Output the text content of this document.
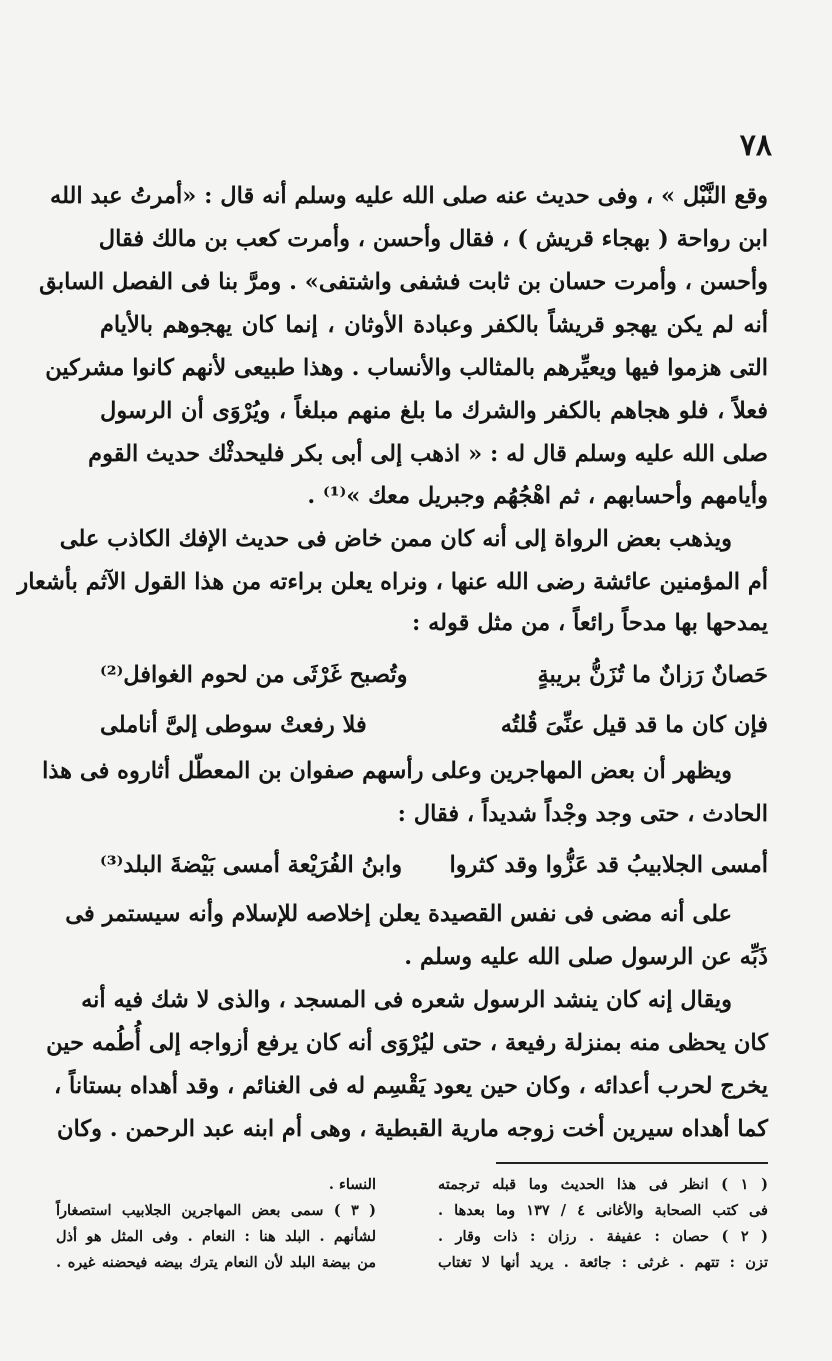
٧٨
وقع النَّبْل » ، وفى حديث عنه صلى الله عليه وسلم أنه قال : «أمرتُ عبد الله
ابن رواحة ( بهجاء قريش ) ، فقال وأحسن ، وأمرت كعب بن مالك فقال
وأحسن ، وأمرت حسان بن ثابت فشفى واشتفى» . ومرَّ بنا فى الفصل السابق
أنه لم يكن يهجو قريشاً بالكفر وعبادة الأوثان ، إنما كان يهجوهم بالأيام
التى هزموا فيها ويعيِّرهم بالمثالب والأنساب . وهذا طبيعى لأنهم كانوا مشركين
فعلاً ، فلو هجاهم بالكفر والشرك ما بلغ منهم مبلغاً ، ويُرْوَى أن الرسول
صلى الله عليه وسلم قال له : « اذهب إلى أبى بكر فليحدثْك حديث القوم
وأيامهم وأحسابهم ، ثم اهْجُهُم وجبريل معك »⁽¹⁾ .
ويذهب بعض الرواة إلى أنه كان ممن خاض فى حديث الإفك الكاذب على
أم المؤمنين عائشة رضى الله عنها ، ونراه يعلن براءته من هذا القول الآثم بأشعار
يمدحها بها مدحاً رائعاً ، من مثل قوله :
حَصانٌ رَزانٌ ما تُزَنُّ بريبةٍ
وتُصبح غَرْثَى من لحوم الغوافل⁽²⁾
فإن كان ما قد قيل عنِّىَ قُلتُه
فلا رفعتْ سوطى إلىَّ أناملى
ويظهر أن بعض المهاجرين وعلى رأسهم صفوان بن المعطّل أثاروه فى هذا
الحادث ، حتى وجد وجْداً شديداً ، فقال :
أمسى الجلابيبُ قد عَزُّوا وقد كثروا
وابنُ الفُرَيْعة أمسى بَيْضةَ البلد⁽³⁾
على أنه مضى فى نفس القصيدة يعلن إخلاصه للإسلام وأنه سيستمر فى
ذَبِّه عن الرسول صلى الله عليه وسلم .
ويقال إنه كان ينشد الرسول شعره فى المسجد ، والذى لا شك فيه أنه
كان يحظى منه بمنزلة رفيعة ، حتى ليُرْوَى أنه كان يرفع أزواجه إلى أُطُمه حين
يخرج لحرب أعدائه ، وكان حين يعود يَقْسِم له فى الغنائم ، وقد أهداه بستاناً ،
كما أهداه سيرين أخت زوجه مارية القبطية ، وهى أم ابنه عبد الرحمن . وكان
( ١ ) انظر فى هذا الحديث وما قبله ترجمته
فى كتب الصحابة والأغانى ٤ / ١٣٧ وما بعدها .
( ٢ ) حصان : عفيفة . رزان : ذات وقار .
تزن : تتهم . غرثى : جائعة . يريد أنها لا تغتاب
النساء .
( ٣ ) سمى بعض المهاجرين الجلابيب استصغاراً
لشأنهم . البلد هنا : النعام . وفى المثل هو أذل
من بيضة البلد لأن النعام يترك بيضه فيحضنه غيره .
